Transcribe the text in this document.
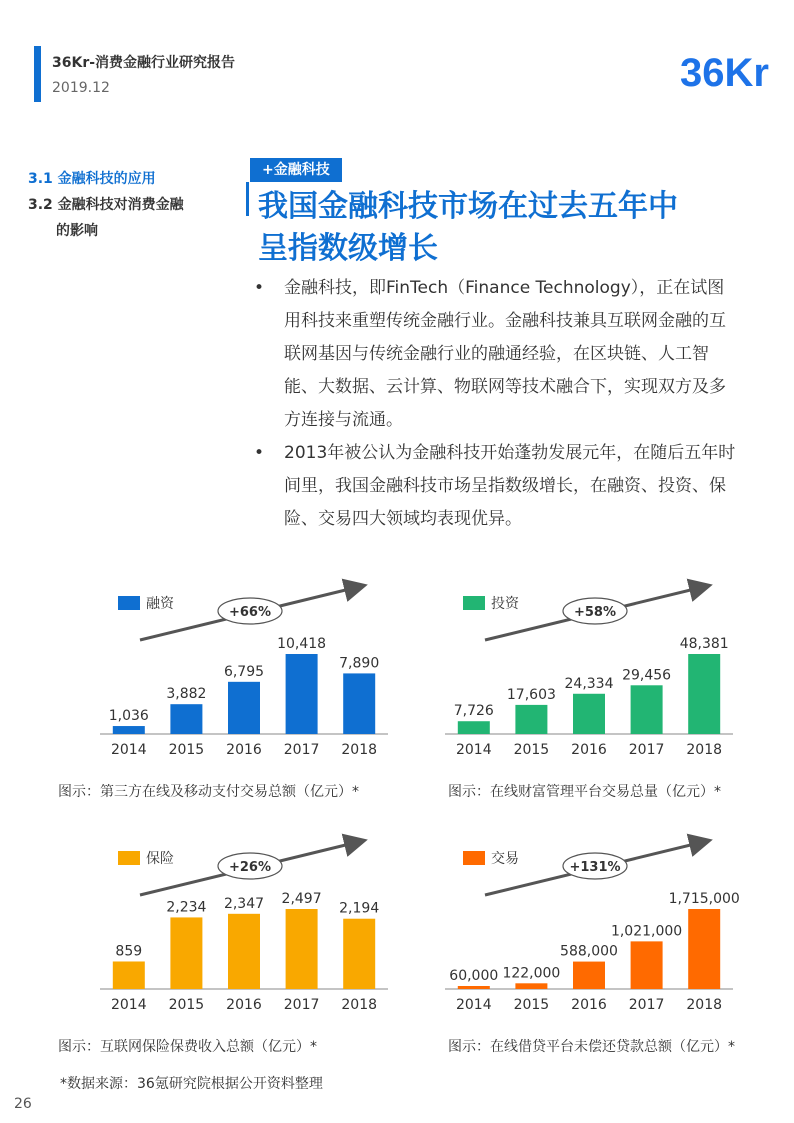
36Kr-消费金融行业研究报告
2019.12	36Kr
3.1 金融科技的应用
3.2 金融科技对消费金融
的影响
+金融科技
我国金融科技市场在过去五年中
呈指数级增长
•	金融科技，即FinTech（Finance Technology），正在试图用科技来重塑传统金融行业。金融科技兼具互联网金融的互联网基因与传统金融行业的融通经验，在区块链、人工智能、大数据、云计算、物联网等技术融合下，实现双方及多方连接与流通。
•	2013年被公认为金融科技开始蓬勃发展元年，在随后五年时间里，我国金融科技市场呈指数级增长，在融资、投资、保险、交易四大领域均表现优异。
融资
+66%
1,036
2014
3,882
2015
6,795
2016
10,418
2017
7,890
2018
图示：第三方在线及移动支付交易总额（亿元）*
投资
+58%
7,726
2014
17,603
2015
24,334
2016
29,456
2017
48,381
2018
图示：在线财富管理平台交易总量（亿元）*
保险
+26%
859
2014
2,234
2015
2,347
2016
2,497
2017
2,194
2018
图示：互联网保险保费收入总额（亿元）*
交易
+131%
60,000
2014
122,000
2015
588,000
2016
1,021,000
2017
1,715,000
2018
图示：在线借贷平台未偿还贷款总额（亿元）*
*数据来源：36氪研究院根据公开资料整理
26
